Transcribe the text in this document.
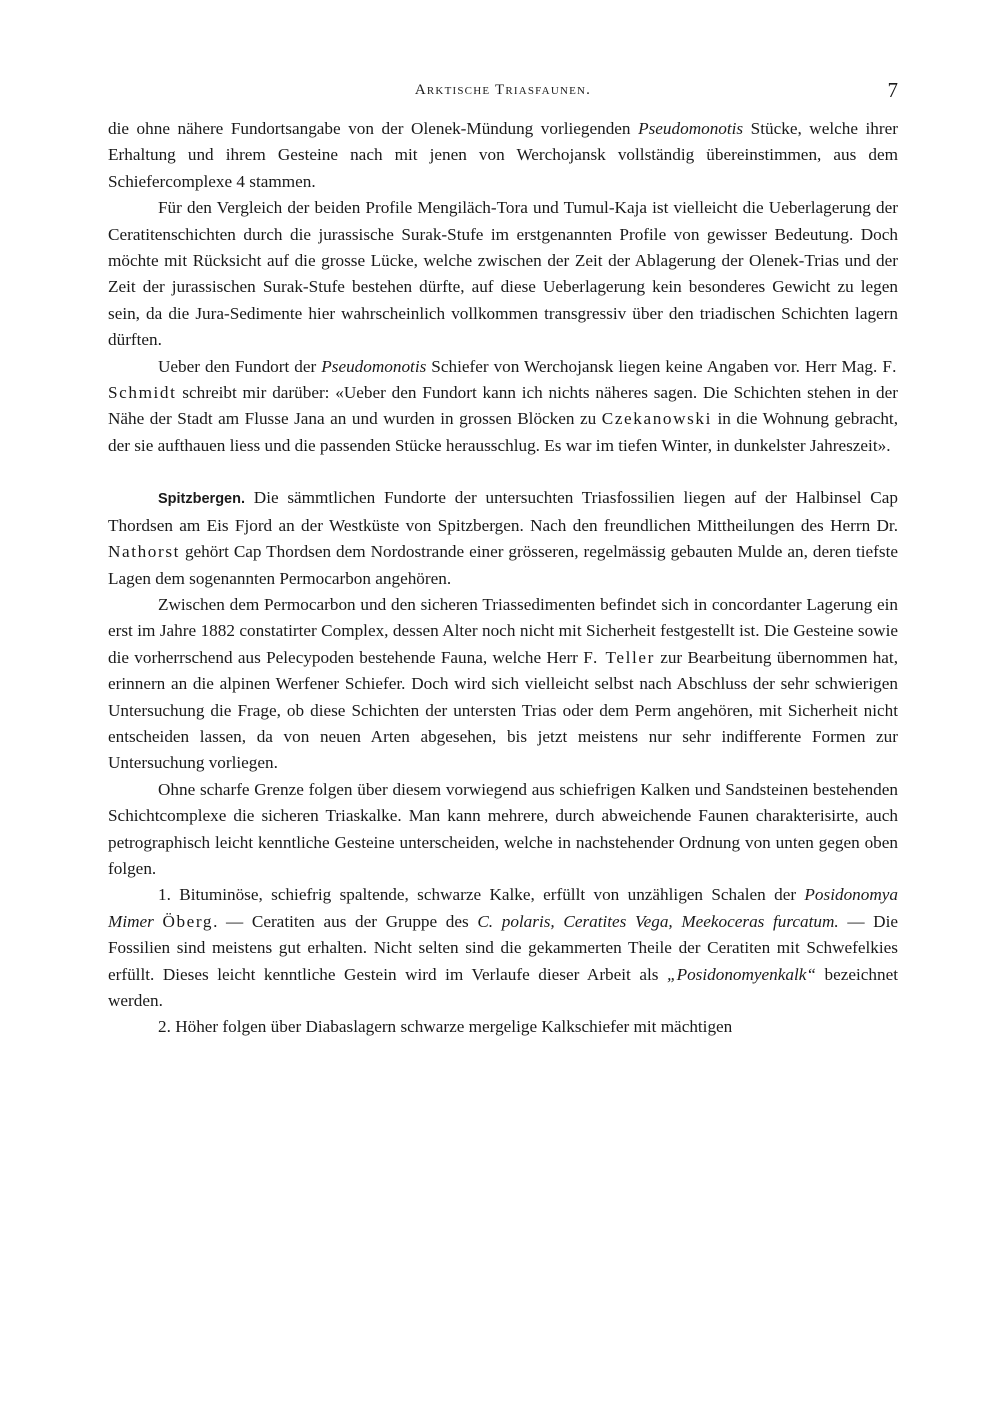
Arktische Triasfaunen.	7

die ohne nähere Fundortsangabe von der Olenek-Mündung vorliegenden Pseudomonotis Stücke, welche ihrer Erhaltung und ihrem Gesteine nach mit jenen von Werchojansk vollständig übereinstimmen, aus dem Schiefercomplexe 4 stammen.

Für den Vergleich der beiden Profile Mengiläch-Tora und Tumul-Kaja ist vielleicht die Ueberlagerung der Ceratitenschichten durch die jurassische Surak-Stufe im erstgenannten Profile von gewisser Bedeutung. Doch möchte mit Rücksicht auf die grosse Lücke, welche zwischen der Zeit der Ablagerung der Olenek-Trias und der Zeit der jurassischen Surak-Stufe bestehen dürfte, auf diese Ueberlagerung kein besonderes Gewicht zu legen sein, da die Jura-Sedimente hier wahrscheinlich vollkommen transgressiv über den triadischen Schichten lagern dürften.

Ueber den Fundort der Pseudomonotis Schiefer von Werchojansk liegen keine Angaben vor. Herr Mag. F. Schmidt schreibt mir darüber: «Ueber den Fundort kann ich nichts näheres sagen. Die Schichten stehen in der Nähe der Stadt am Flusse Jana an und wurden in grossen Blöcken zu Czekanowski in die Wohnung gebracht, der sie aufthauen liess und die passenden Stücke herausschlug. Es war im tiefen Winter, in dunkelster Jahreszeit».

Spitzbergen. Die sämmtlichen Fundorte der untersuchten Triasfossilien liegen auf der Halbinsel Cap Thordsen am Eis Fjord an der Westküste von Spitzbergen. Nach den freundlichen Mittheilungen des Herrn Dr. Nathorst gehört Cap Thordsen dem Nordostrande einer grösseren, regelmässig gebauten Mulde an, deren tiefste Lagen dem sogenannten Permocarbon angehören.

Zwischen dem Permocarbon und den sicheren Triassedimenten befindet sich in concordanter Lagerung ein erst im Jahre 1882 constatirter Complex, dessen Alter noch nicht mit Sicherheit festgestellt ist. Die Gesteine sowie die vorherrschend aus Pelecypoden bestehende Fauna, welche Herr F. Teller zur Bearbeitung übernommen hat, erinnern an die alpinen Werfener Schiefer. Doch wird sich vielleicht selbst nach Abschluss der sehr schwierigen Untersuchung die Frage, ob diese Schichten der untersten Trias oder dem Perm angehören, mit Sicherheit nicht entscheiden lassen, da von neuen Arten abgesehen, bis jetzt meistens nur sehr indifferente Formen zur Untersuchung vorliegen.

Ohne scharfe Grenze folgen über diesem vorwiegend aus schiefrigen Kalken und Sandsteinen bestehenden Schichtcomplexe die sicheren Triaskalke. Man kann mehrere, durch abweichende Faunen charakterisirte, auch petrographisch leicht kenntliche Gesteine unterscheiden, welche in nachstehender Ordnung von unten gegen oben folgen.

1. Bituminöse, schiefrig spaltende, schwarze Kalke, erfüllt von unzähligen Schalen der Posidonomya Mimer Öberg. — Ceratiten aus der Gruppe des C. polaris, Ceratites Vega, Meekoceras furcatum. — Die Fossilien sind meistens gut erhalten. Nicht selten sind die gekammerten Theile der Ceratiten mit Schwefelkies erfüllt. Dieses leicht kenntliche Gestein wird im Verlaufe dieser Arbeit als „Posidonomyenkalk“ bezeichnet werden.

2. Höher folgen über Diabaslagern schwarze mergelige Kalkschiefer mit mächtigen
